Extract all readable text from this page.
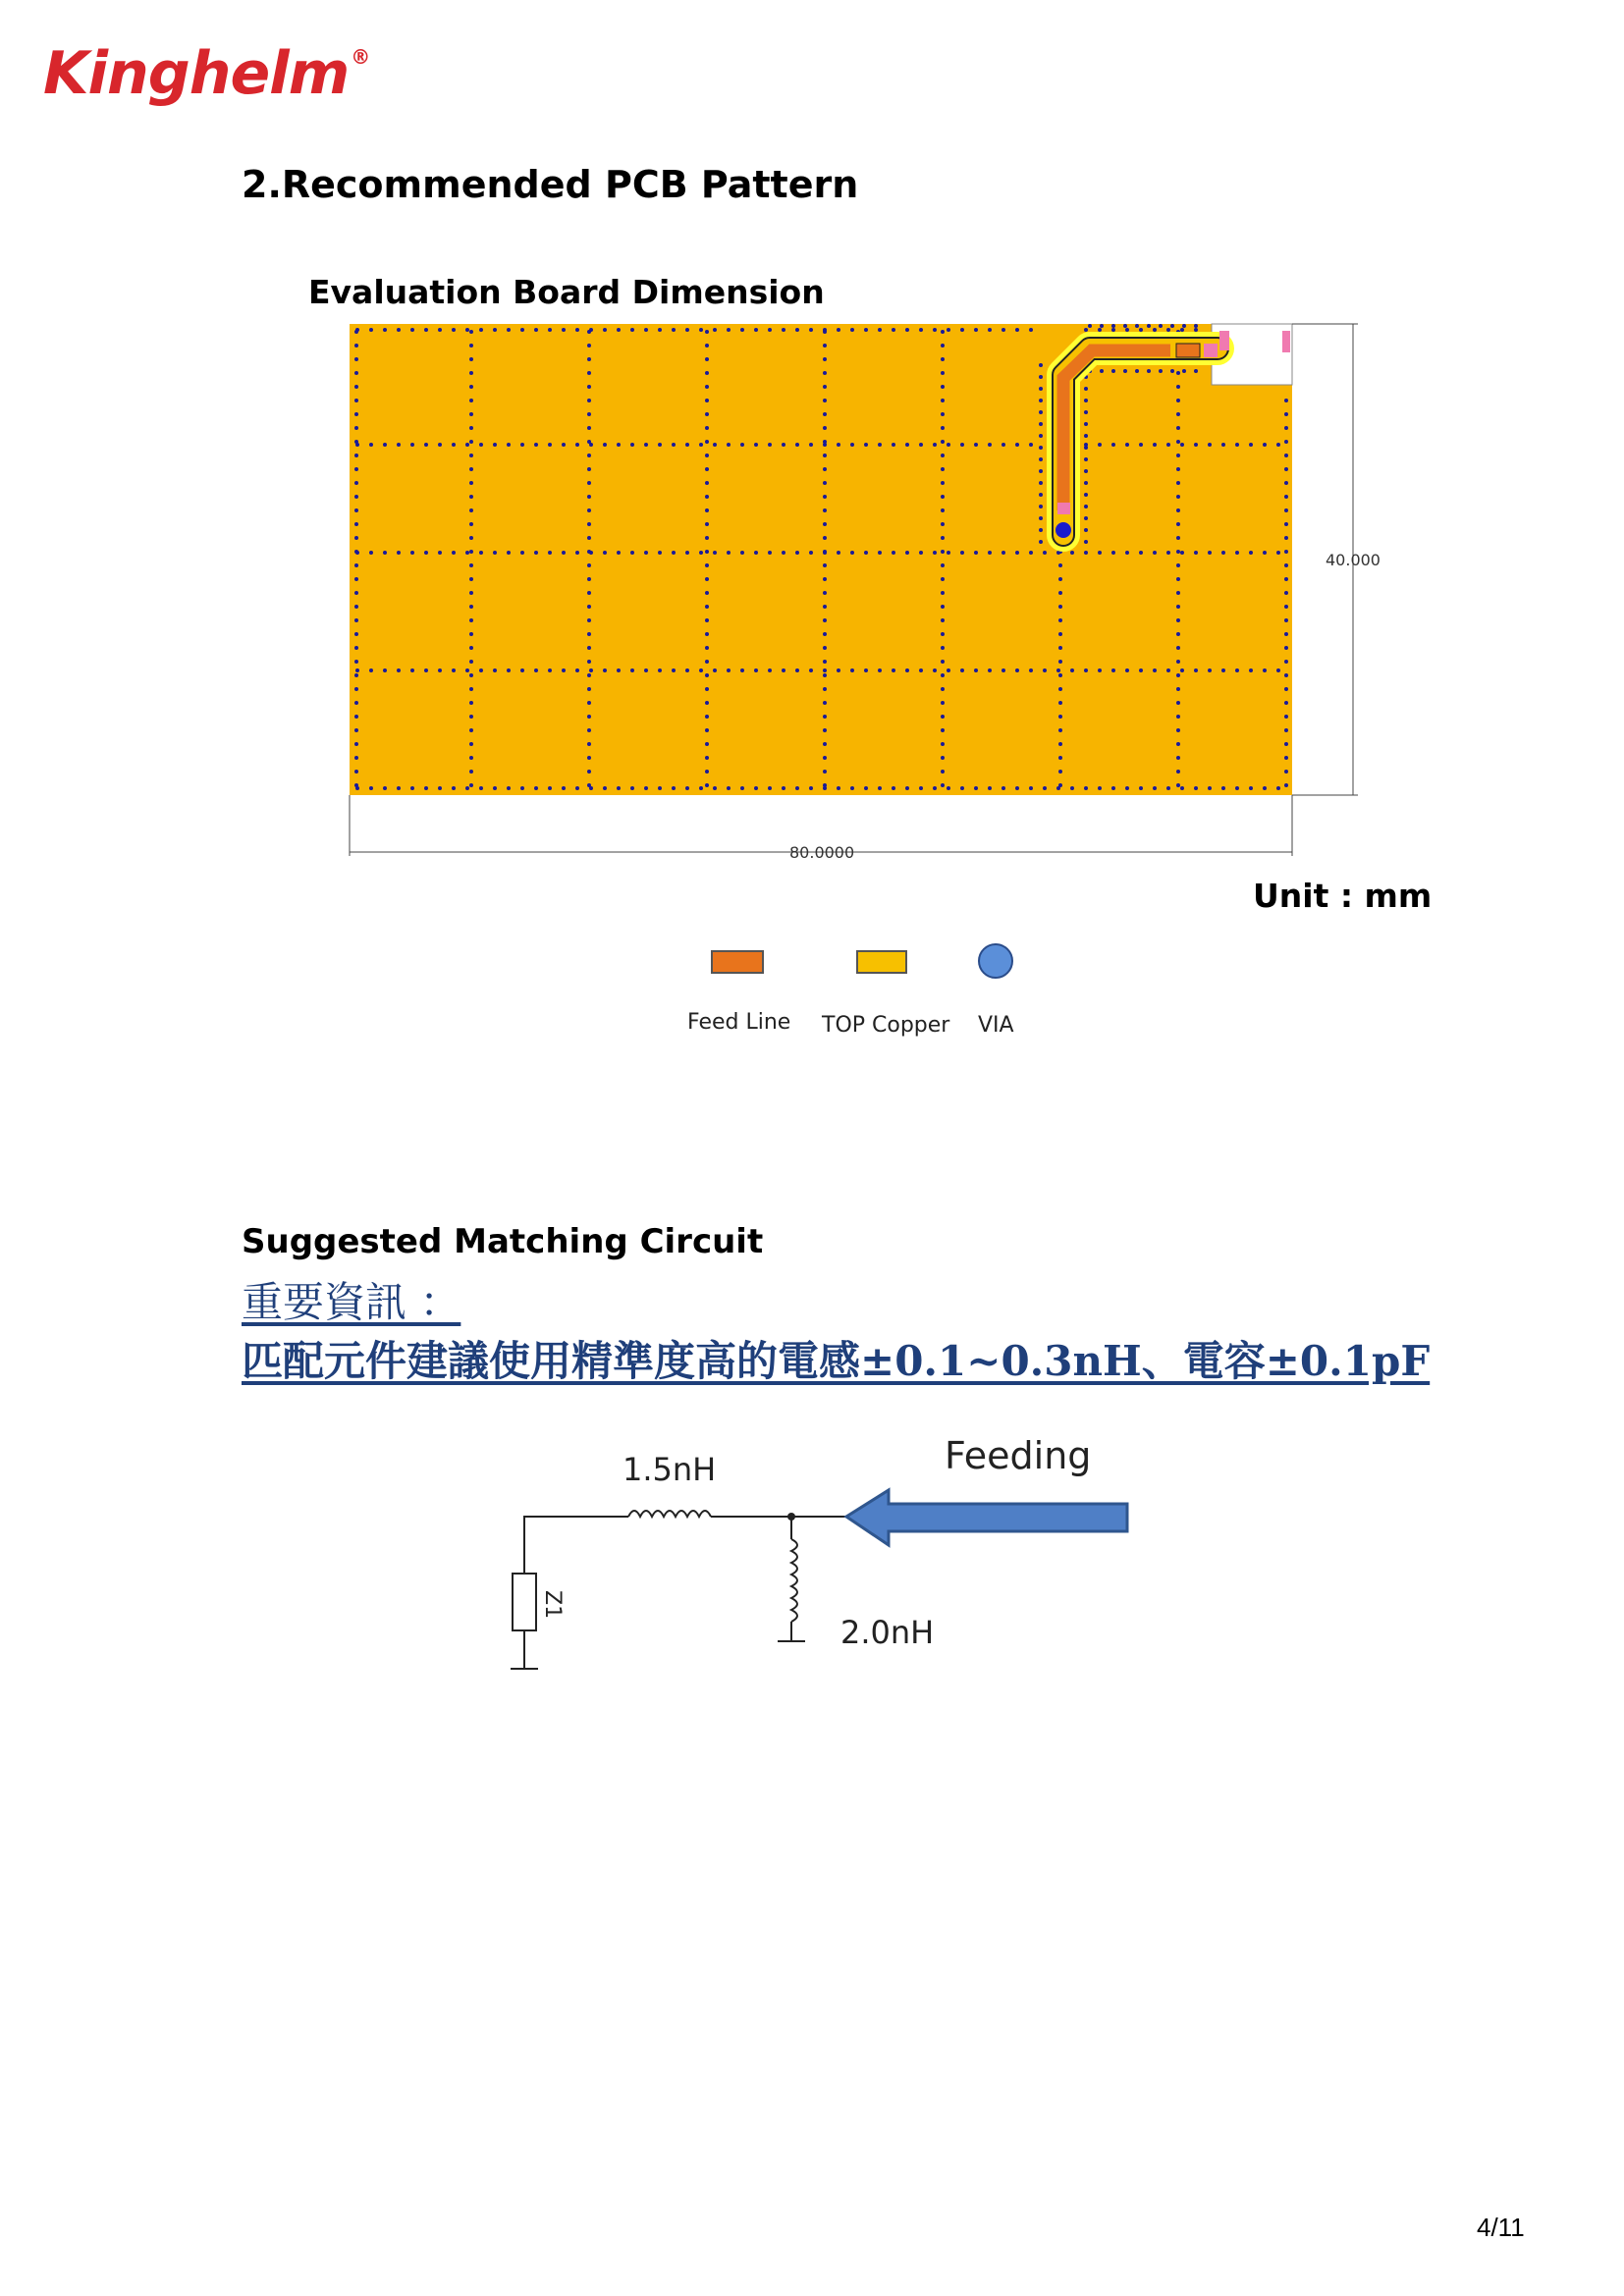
Kinghelm ®
2.Recommended PCB Pattern
Evaluation Board Dimension
40.000
80.0000
Unit : mm
Feed Line TOP Copper VIA
Suggested Matching Circuit
重要資訊 ：
匹配元件建議使用精準度高的電感±0.1~0.3nH、電容±0.1pF
1.5nH
2.0nH
Feeding
Z1
4/11
